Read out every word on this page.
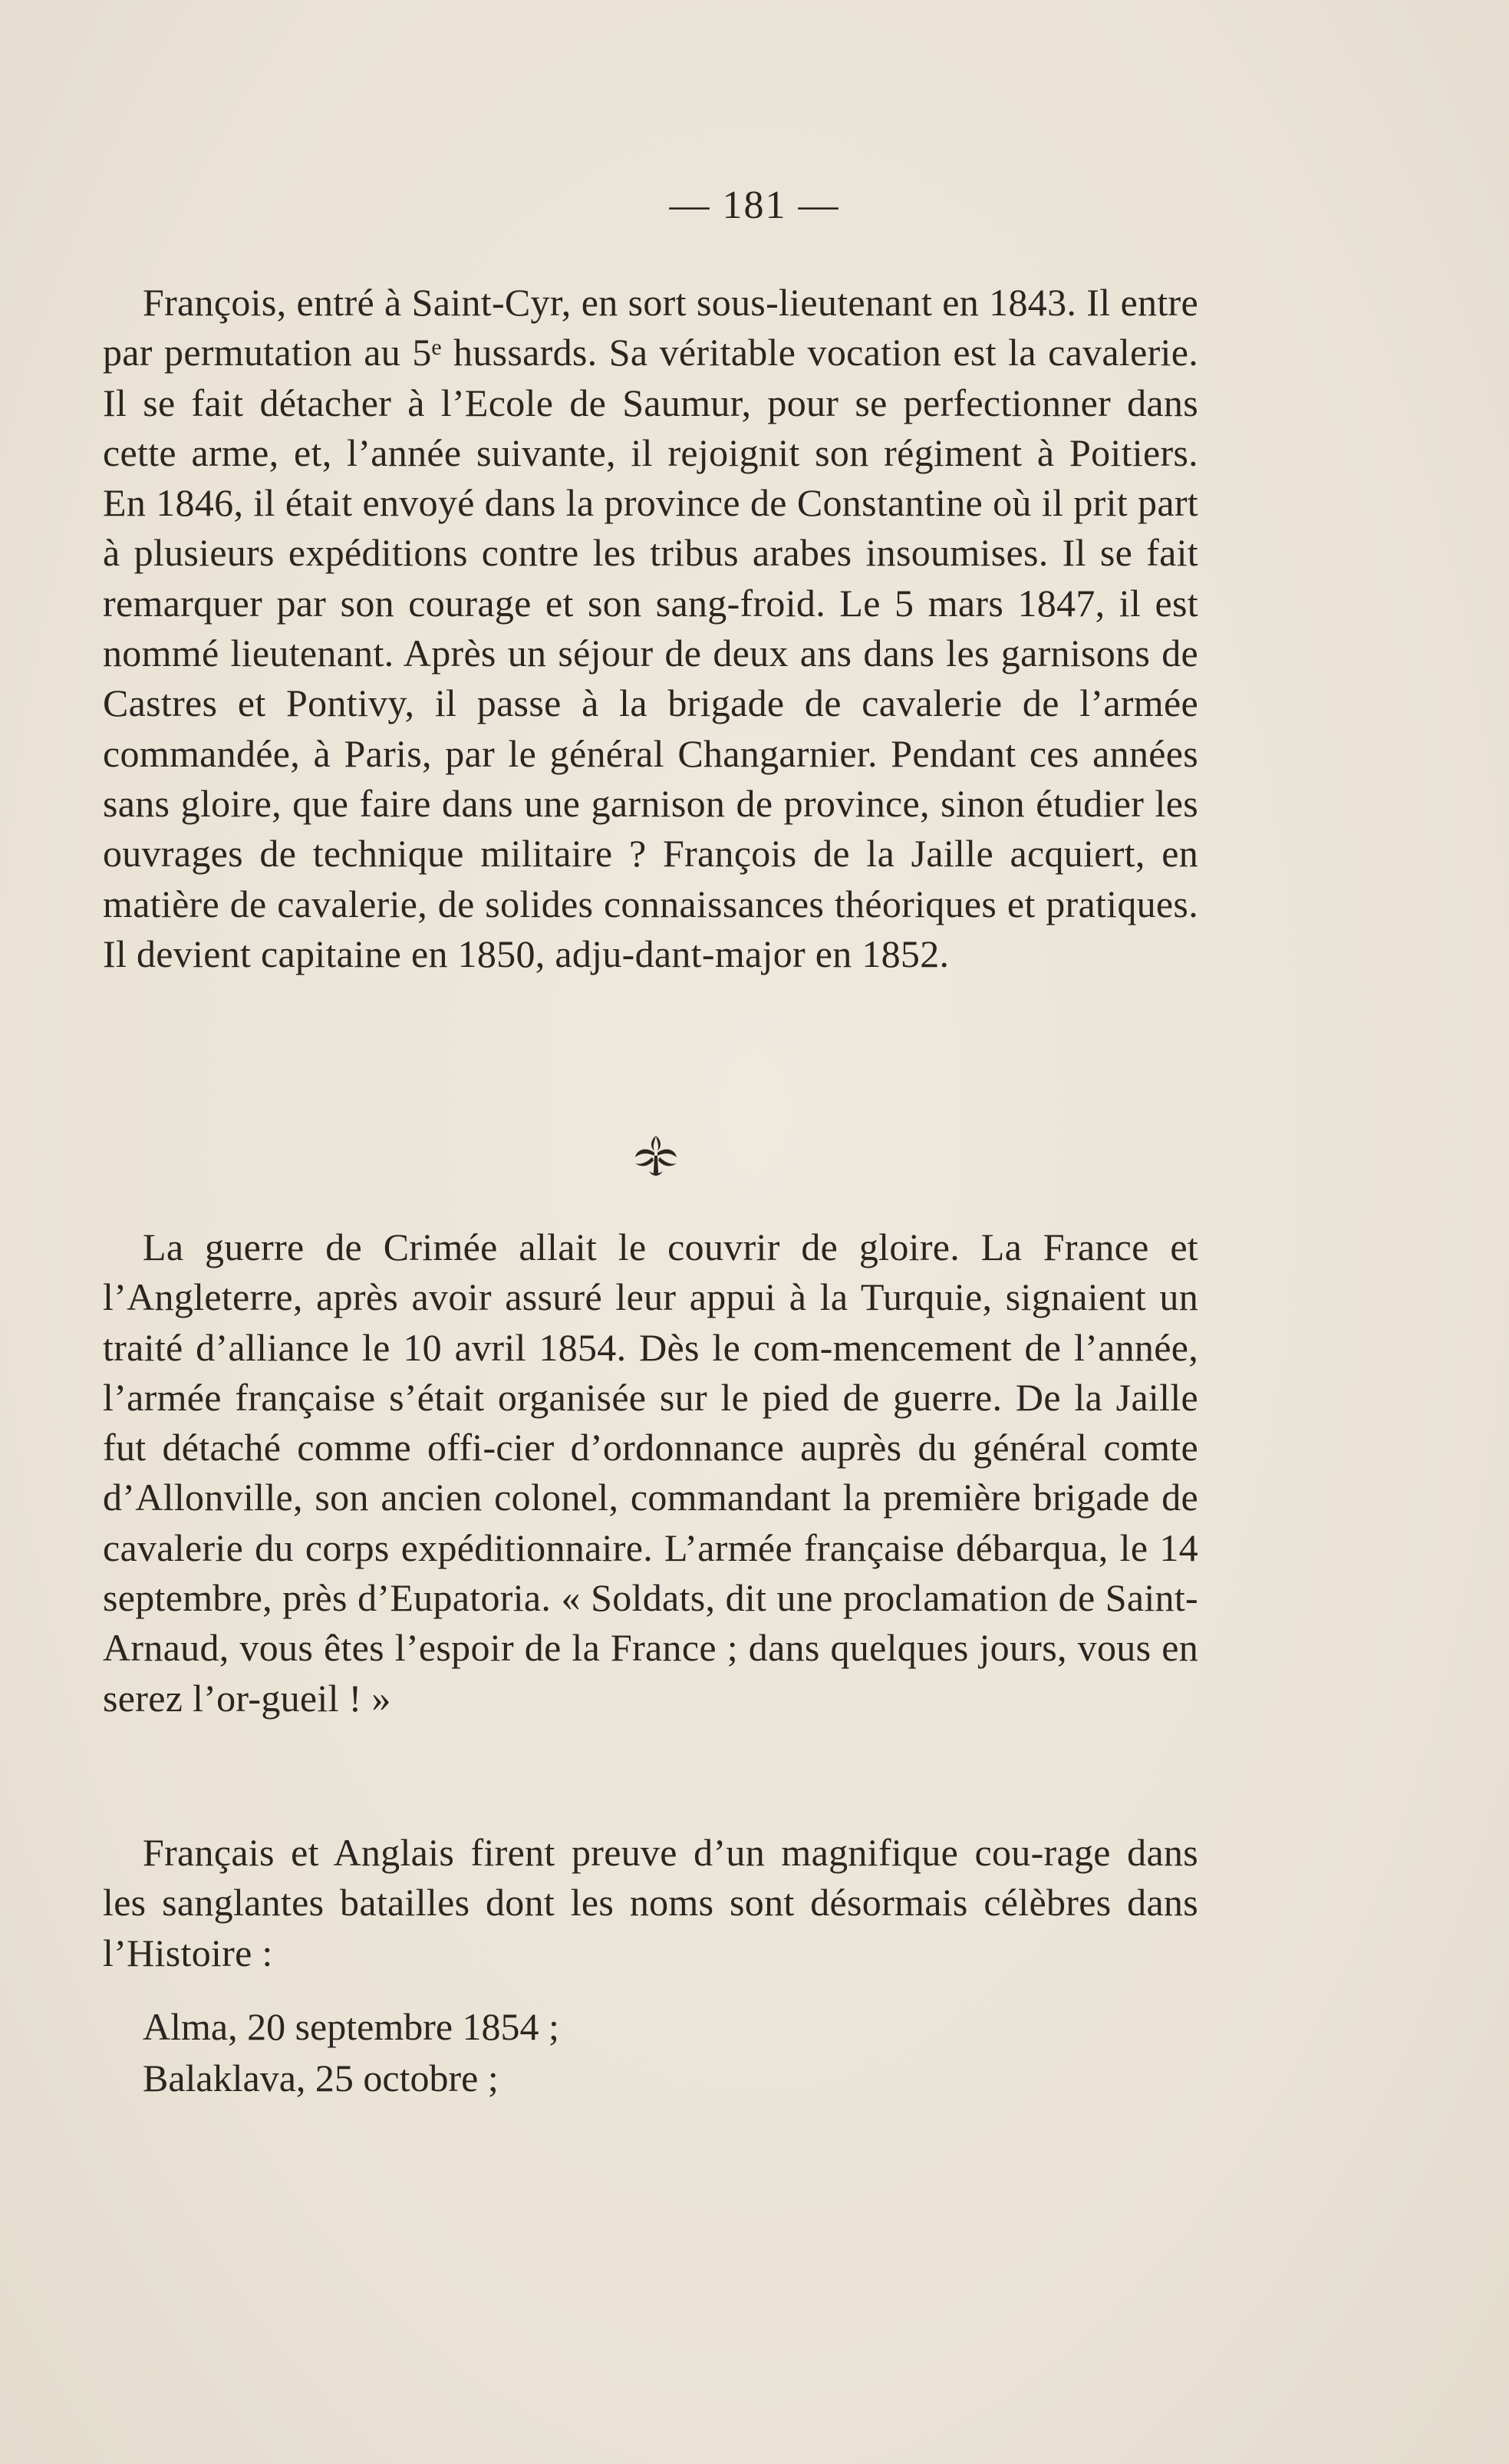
— 181 —

François, entré à Saint-Cyr, en sort sous-lieutenant en 1843. Il entre par permutation au 5ᵉ hussards. Sa véritable vocation est la cavalerie. Il se fait détacher à l’Ecole de Saumur, pour se perfectionner dans cette arme, et, l’année suivante, il rejoignit son régiment à Poitiers. En 1846, il était envoyé dans la province de Constantine où il prit part à plusieurs expéditions contre les tribus arabes insoumises. Il se fait remarquer par son courage et son sang-froid. Le 5 mars 1847, il est nommé lieutenant. Après un séjour de deux ans dans les garnisons de Castres et Pontivy, il passe à la brigade de cavalerie de l’armée commandée, à Paris, par le général Changarnier. Pendant ces années sans gloire, que faire dans une garnison de province, sinon étudier les ouvrages de technique militaire ? François de la Jaille acquiert, en matière de cavalerie, de solides connaissances théoriques et pratiques. Il devient capitaine en 1850, adju-dant-major en 1852.

La guerre de Crimée allait le couvrir de gloire. La France et l’Angleterre, après avoir assuré leur appui à la Turquie, signaient un traité d’alliance le 10 avril 1854. Dès le com-mencement de l’année, l’armée française s’était organisée sur le pied de guerre. De la Jaille fut détaché comme offi-cier d’ordonnance auprès du général comte d’Allonville, son ancien colonel, commandant la première brigade de cavalerie du corps expéditionnaire. L’armée française débarqua, le 14 septembre, près d’Eupatoria. « Soldats, dit une proclamation de Saint-Arnaud, vous êtes l’espoir de la France ; dans quelques jours, vous en serez l’or-gueil ! »

Français et Anglais firent preuve d’un magnifique cou-rage dans les sanglantes batailles dont les noms sont désormais célèbres dans l’Histoire :

Alma, 20 septembre 1854 ;
Balaklava, 25 octobre ;
